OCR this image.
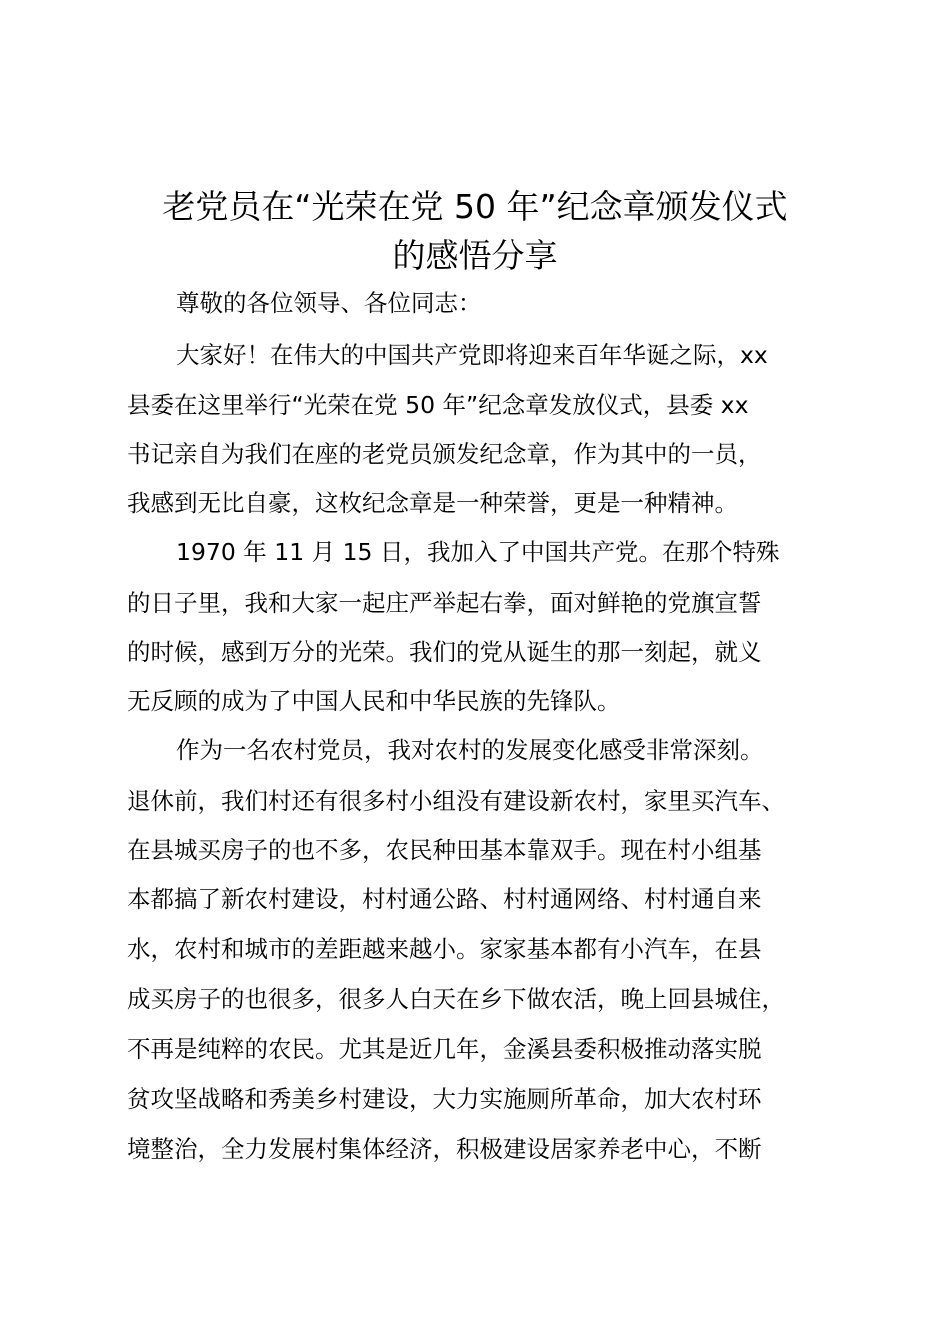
老党员在“光荣在党 50 年”纪念章颁发仪式
的感悟分享

尊敬的各位领导、各位同志：

大家好！在伟大的中国共产党即将迎来百年华诞之际，xx

县委在这里举行“光荣在党 50 年”纪念章发放仪式，县委 xx

书记亲自为我们在座的老党员颁发纪念章，作为其中的一员，

我感到无比自豪，这枚纪念章是一种荣誉，更是一种精神。

1970 年 11 月 15 日，我加入了中国共产党。在那个特殊

的日子里，我和大家一起庄严举起右拳，面对鲜艳的党旗宣誓

的时候，感到万分的光荣。我们的党从诞生的那一刻起，就义

无反顾的成为了中国人民和中华民族的先锋队。

作为一名农村党员，我对农村的发展变化感受非常深刻。

退休前，我们村还有很多村小组没有建设新农村，家里买汽车、

在县城买房子的也不多，农民种田基本靠双手。现在村小组基

本都搞了新农村建设，村村通公路、村村通网络、村村通自来

水，农村和城市的差距越来越小。家家基本都有小汽车，在县

成买房子的也很多，很多人白天在乡下做农活，晚上回县城住，

不再是纯粹的农民。尤其是近几年，金溪县委积极推动落实脱

贫攻坚战略和秀美乡村建设，大力实施厕所革命，加大农村环

境整治，全力发展村集体经济，积极建设居家养老中心，不断
